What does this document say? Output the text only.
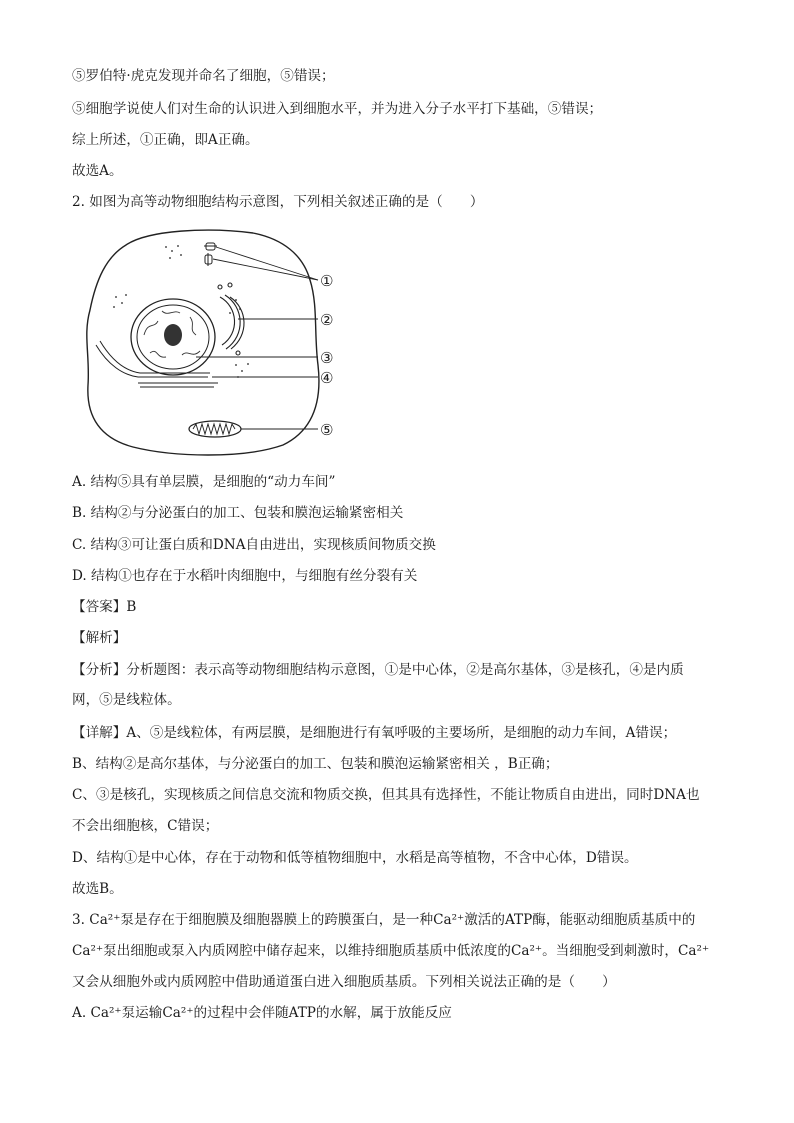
⑤罗伯特·虎克发现并命名了细胞，⑤错误；
⑤细胞学说使人们对生命的认识进入到细胞水平，并为进入分子水平打下基础，⑤错误；
综上所述，①正确，即A正确。
故选A。
2. 如图为高等动物细胞结构示意图，下列相关叙述正确的是（　　）
①
②
③
④
⑤
A. 结构⑤具有单层膜，是细胞的“动力车间”
B. 结构②与分泌蛋白的加工、包装和膜泡运输紧密相关
C. 结构③可让蛋白质和DNA自由进出，实现核质间物质交换
D. 结构①也存在于水稻叶肉细胞中，与细胞有丝分裂有关
【答案】B
【解析】
【分析】分析题图：表示高等动物细胞结构示意图，①是中心体，②是高尔基体，③是核孔，④是内质
网，⑤是线粒体。
【详解】A、⑤是线粒体，有两层膜，是细胞进行有氧呼吸的主要场所，是细胞的动力车间，A错误；
B、结构②是高尔基体，与分泌蛋白的加工、包装和膜泡运输紧密相关 ，B正确；
C、③是核孔，实现核质之间信息交流和物质交换，但其具有选择性，不能让物质自由进出，同时DNA也
不会出细胞核，C错误；
D、结构①是中心体，存在于动物和低等植物细胞中，水稻是高等植物，不含中心体，D错误。
故选B。
3. Ca²⁺泵是存在于细胞膜及细胞器膜上的跨膜蛋白，是一种Ca²⁺激活的ATP酶，能驱动细胞质基质中的
Ca²⁺泵出细胞或泵入内质网腔中储存起来，以维持细胞质基质中低浓度的Ca²⁺。当细胞受到刺激时，Ca²⁺
又会从细胞外或内质网腔中借助通道蛋白进入细胞质基质。下列相关说法正确的是（　　）
A. Ca²⁺泵运输Ca²⁺的过程中会伴随ATP的水解，属于放能反应
